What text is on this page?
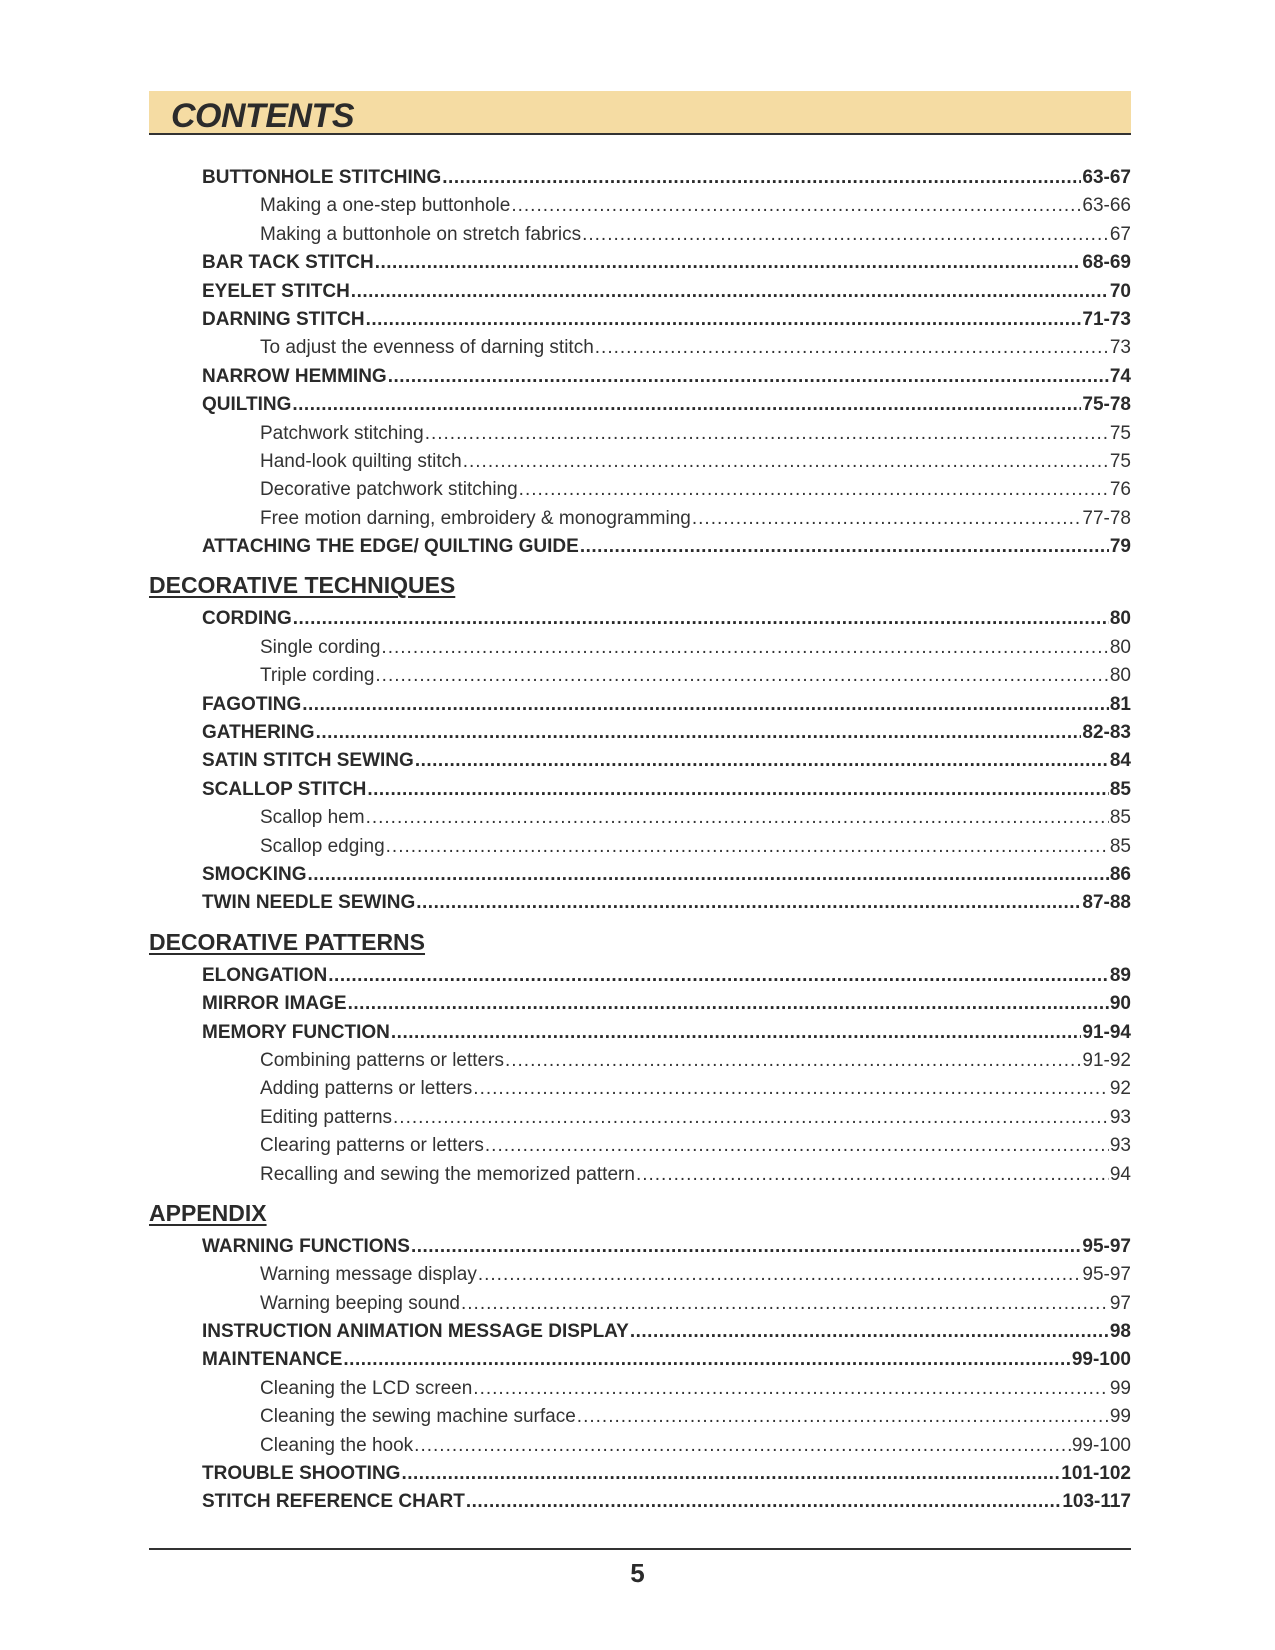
CONTENTS
BUTTONHOLE STITCHING .....	63-67
Making a one-step buttonhole .....	63-66
Making a buttonhole on stretch fabrics .....	67
BAR TACK STITCH .....	68-69
EYELET STITCH .....	70
DARNING STITCH .....	71-73
To adjust the evenness of darning stitch .....	73
NARROW HEMMING .....	74
QUILTING .....	75-78
Patchwork stitching .....	75
Hand-look quilting stitch .....	75
Decorative patchwork stitching .....	76
Free motion darning, embroidery & monogramming .....	77-78
ATTACHING THE EDGE/ QUILTING GUIDE .....	79
DECORATIVE TECHNIQUES
CORDING .....	80
Single cording .....	80
Triple cording .....	80
FAGOTING .....	81
GATHERING .....	82-83
SATIN STITCH SEWING .....	84
SCALLOP STITCH .....	85
Scallop hem .....	85
Scallop edging .....	85
SMOCKING .....	86
TWIN NEEDLE SEWING .....	87-88
DECORATIVE PATTERNS
ELONGATION .....	89
MIRROR IMAGE .....	90
MEMORY FUNCTION .....	91-94
Combining patterns or letters .....	91-92
Adding patterns or letters .....	92
Editing patterns .....	93
Clearing patterns or letters .....	93
Recalling and sewing the memorized pattern .....	94
APPENDIX
WARNING FUNCTIONS .....	95-97
Warning message display .....	95-97
Warning beeping sound .....	97
INSTRUCTION ANIMATION MESSAGE DISPLAY .....	98
MAINTENANCE .....	99-100
Cleaning the LCD screen .....	99
Cleaning the sewing machine surface .....	99
Cleaning the hook .....	99-100
TROUBLE SHOOTING .....	101-102
STITCH REFERENCE CHART .....	103-117
5
